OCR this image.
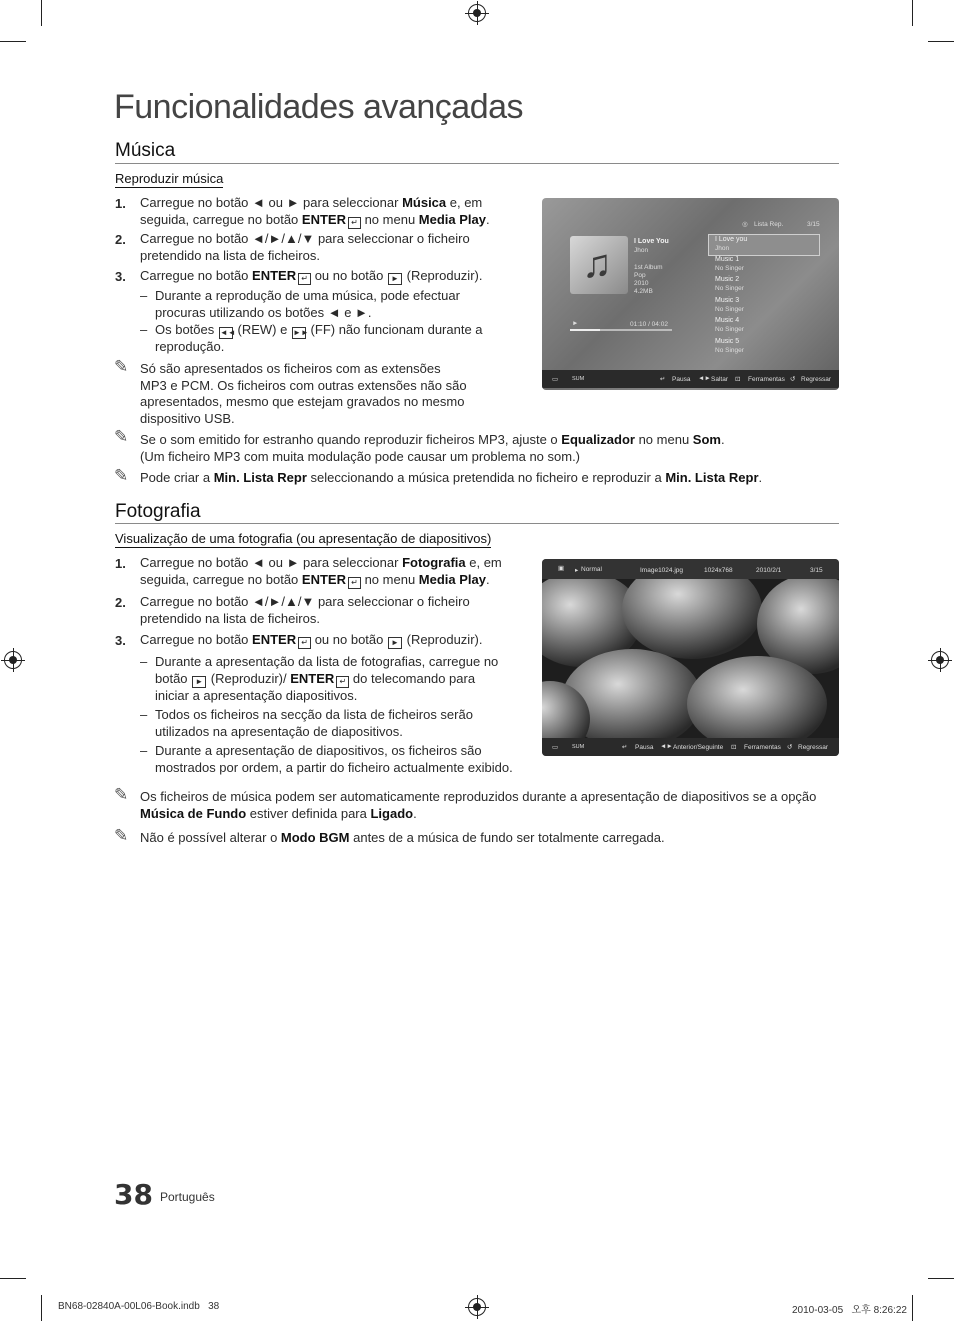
Funcionalidades avançadas
Música
Reproduzir música
1. Carregue no botão ◄ ou ► para seleccionar Música e, em
seguida, carregue no botão ENTER ↵ no menu Media Play.
2. Carregue no botão ◄/►/▲/▼ para seleccionar o ficheiro
pretendido na lista de ficheiros.
3. Carregue no botão ENTER ↵ ou no botão ► (Reproduzir).
– Durante a reprodução de uma música, pode efectuar
procuras utilizando os botões ◄ e ►.
– Os botões ◄◄ (REW) e ►► (FF) não funcionam durante a
reprodução.
✎ Só são apresentados os ficheiros com as extensões
MP3 e PCM. Os ficheiros com outras extensões não são
apresentados, mesmo que estejam gravados no mesmo
dispositivo USB.
✎ Se o som emitido for estranho quando reproduzir ficheiros MP3, ajuste o Equalizador no menu Som.
(Um ficheiro MP3 com muita modulação pode causar um problema no som.)
✎ Pode criar a Min. Lista Repr seleccionando a música pretendida no ficheiro e reproduzir a Min. Lista Repr.
♫
I Love You
Jhon
1st Album
Pop
2010
4.2MB
►	01:10 / 04:02
◎ Lista Rep.	3/15
I Love you
Jhon
Music 1
No Singer
Music 2
No Singer
Music 3
No Singer
Music 4
No Singer
Music 5
No Singer
▭	SUM	↵ Pausa ◄► Saltar ⊡ Ferramentas ↺ Regressar
Fotografia
Visualização de uma fotografia (ou apresentação de diapositivos)
1. Carregue no botão ◄ ou ► para seleccionar Fotografia e, em
seguida, carregue no botão ENTER ↵ no menu Media Play.
2. Carregue no botão ◄/►/▲/▼ para seleccionar o ficheiro
pretendido na lista de ficheiros.
3. Carregue no botão ENTER ↵ ou no botão ► (Reproduzir).
– Durante a apresentação da lista de fotografias, carregue no
botão ► (Reproduzir)/ ENTER ↵ do telecomando para
iniciar a apresentação diapositivos.
– Todos os ficheiros na secção da lista de ficheiros serão
utilizados na apresentação de diapositivos.
– Durante a apresentação de diapositivos, os ficheiros são
mostrados por ordem, a partir do ficheiro actualmente exibido.
✎ Os ficheiros de música podem ser automaticamente reproduzidos durante a apresentação de diapositivos se a opção
Música de Fundo estiver definida para Ligado.
✎ Não é possível alterar o Modo BGM antes de a música de fundo ser totalmente carregada.
▣ ▸ Normal	Image1024.jpg	1024x768	2010/2/1	3/15
▭	SUM	↵ Pausa ◄► Anterior/Seguinte ⊡ Ferramentas ↺ Regressar
38 Português
BN68-02840A-00L06-Book.indb   38	2010-03-05   오후 8:26:22
